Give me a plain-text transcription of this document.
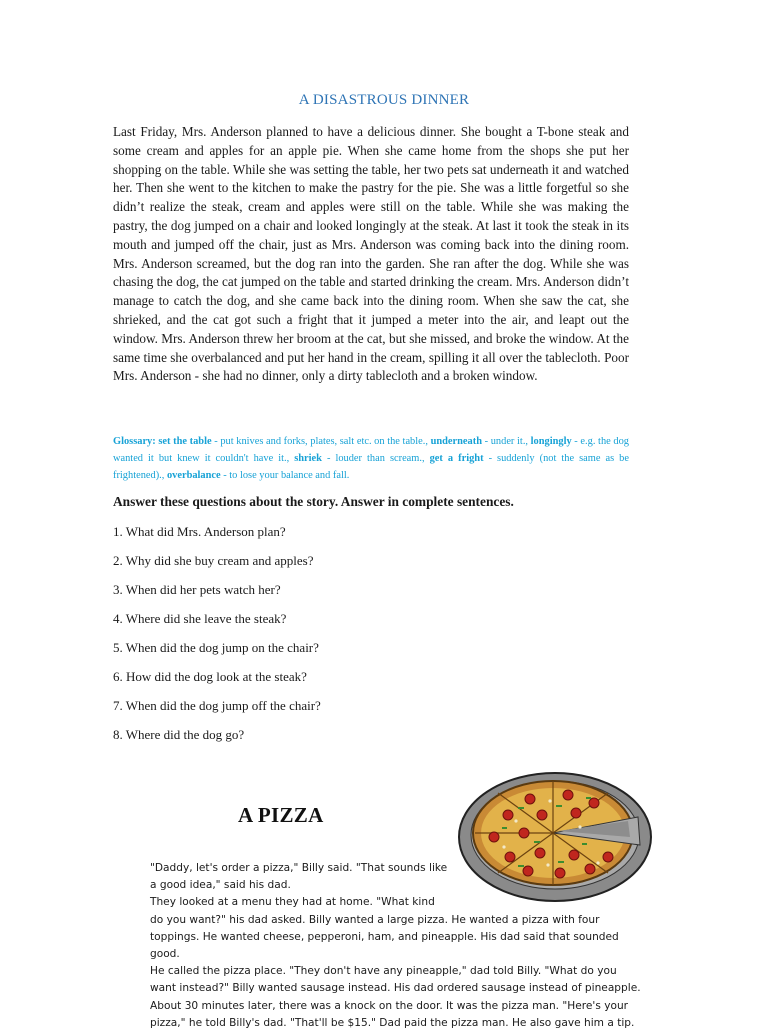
A DISASTROUS DINNER

Last Friday, Mrs. Anderson planned to have a delicious dinner. She bought a T-bone steak and some cream and apples for an apple pie. When she came home from the shops she put her shopping on the table. While she was setting the table, her two pets sat underneath it and watched her. Then she went to the kitchen to make the pastry for the pie. She was a little forgetful so she didn’t realize the steak, cream and apples were still on the table. While she was making the pastry, the dog jumped on a chair and looked longingly at the steak. At last it took the steak in its mouth and jumped off the chair, just as Mrs. Anderson was coming back into the dining room. Mrs. Anderson screamed, but the dog ran into the garden. She ran after the dog. While she was chasing the dog, the cat jumped on the table and started drinking the cream. Mrs. Anderson didn’t manage to catch the dog, and she came back into the dining room. When she saw the cat, she shrieked, and the cat got such a fright that it jumped a meter into the air, and leapt out the window. Mrs. Anderson threw her broom at the cat, but she missed, and broke the window. At the same time she overbalanced and put her hand in the cream, spilling it all over the tablecloth. Poor Mrs. Anderson - she had no dinner, only a dirty tablecloth and a broken window.

Glossary: set the table - put knives and forks, plates, salt etc. on the table., underneath - under it., longingly - e.g. the dog wanted it but knew it couldn't have it., shriek - louder than scream., get a fright - suddenly (not the same as be frightened)., overbalance - to lose your balance and fall.

Answer these questions about the story. Answer in complete sentences.

1. What did Mrs. Anderson plan?
2. Why did she buy cream and apples?
3. When did her pets watch her?
4. Where did she leave the steak?
5. When did the dog jump on the chair?
6. How did the dog look at the steak?
7. When did the dog jump off the chair?
8. Where did the dog go?
A PIZZA
"Daddy, let's order a pizza," Billy said. "That sounds like
a good idea," said his dad.
They looked at a menu they had at home. "What kind
do you want?" his dad asked. Billy wanted a large pizza. He wanted a pizza with four
toppings. He wanted cheese, pepperoni, ham, and pineapple. His dad said that sounded
good.
He called the pizza place. "They don't have any pineapple," dad told Billy. "What do you
want instead?" Billy wanted sausage instead. His dad ordered sausage instead of pineapple.
About 30 minutes later, there was a knock on the door. It was the pizza man. "Here's your
pizza," he told Billy's dad. "That'll be $15." Dad paid the pizza man. He also gave him a tip.
